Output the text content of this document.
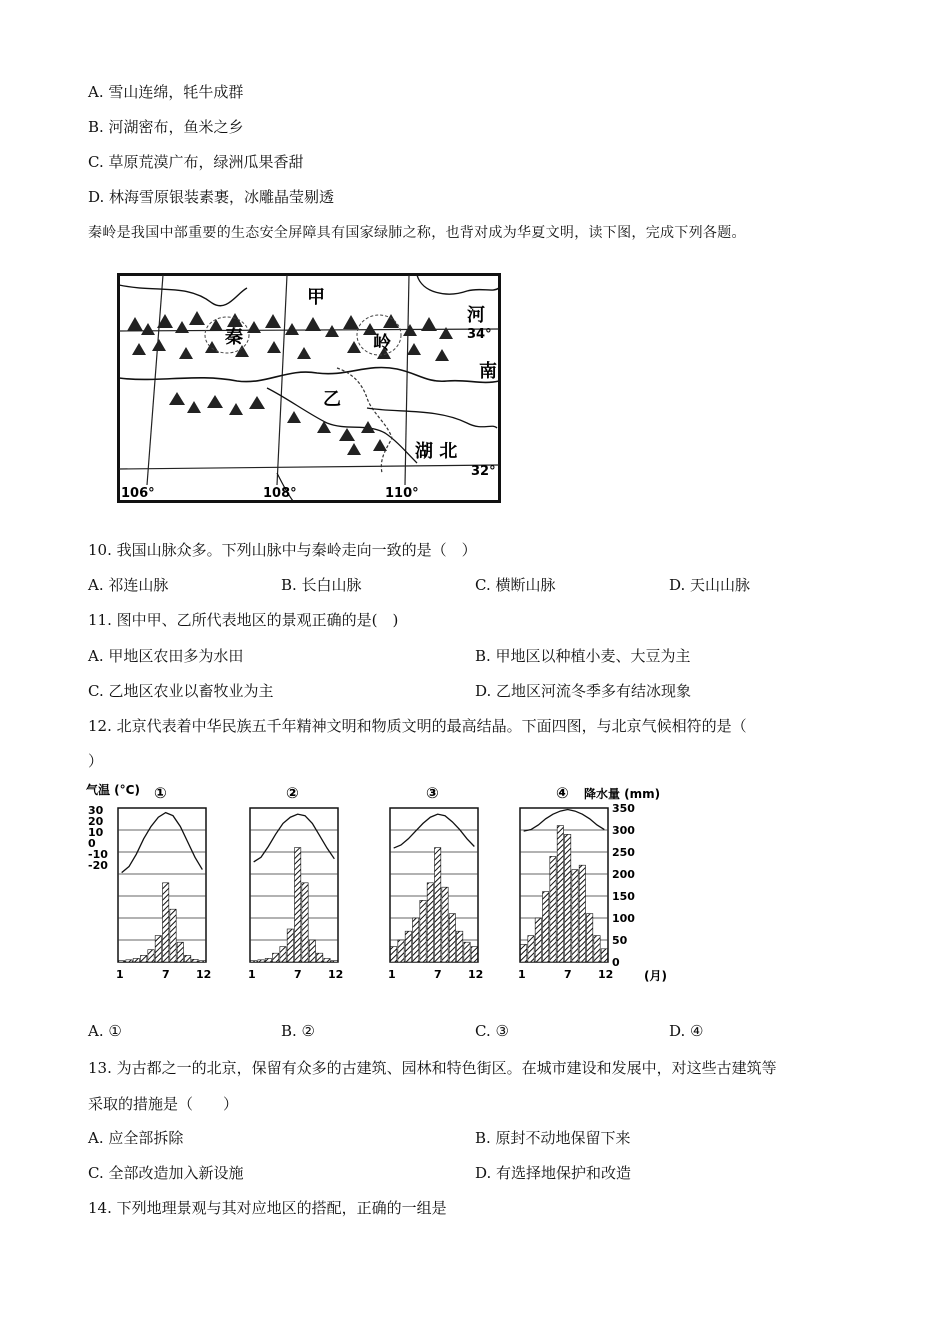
A. 雪山连绵，牦牛成群
B. 河湖密布，鱼米之乡
C. 草原荒漠广布，绿洲瓜果香甜
D. 林海雪原银装素裹，冰雕晶莹剔透
秦岭是我国中部重要的生态安全屏障具有国家绿肺之称，也背对成为华夏文明，读下图，完成下列各题。
甲
乙
秦	岭
河
南
湖 北
34°
32°
106°	108°	110°
10. 我国山脉众多。下列山脉中与秦岭走向一致的是（　）
A. 祁连山脉	B. 长白山脉	C. 横断山脉	D. 天山山脉
11. 图中甲、乙所代表地区的景观正确的是(　)
A. 甲地区农田多为水田	B. 甲地区以种植小麦、大豆为主
C. 乙地区农业以畜牧业为主	D. 乙地区河流冬季多有结冰现象
12. 北京代表着中华民族五千年精神文明和物质文明的最高结晶。下面四图，与北京气候相符的是（
）
①
1	7 12
②
1	7 12
③
1	7 12
④
1	7 12
气温 (°C)
30
20
10
0
-10
-20
降水量 (mm)
350
300
250
200
150
100
50
0
(月)
A. ①	B. ②	C. ③	D. ④
13. 为古都之一的北京，保留有众多的古建筑、园林和特色街区。在城市建设和发展中，对这些古建筑等
采取的措施是（　　）
A. 应全部拆除	B. 原封不动地保留下来
C. 全部改造加入新设施	D. 有选择地保护和改造
14. 下列地理景观与其对应地区的搭配，正确的一组是
